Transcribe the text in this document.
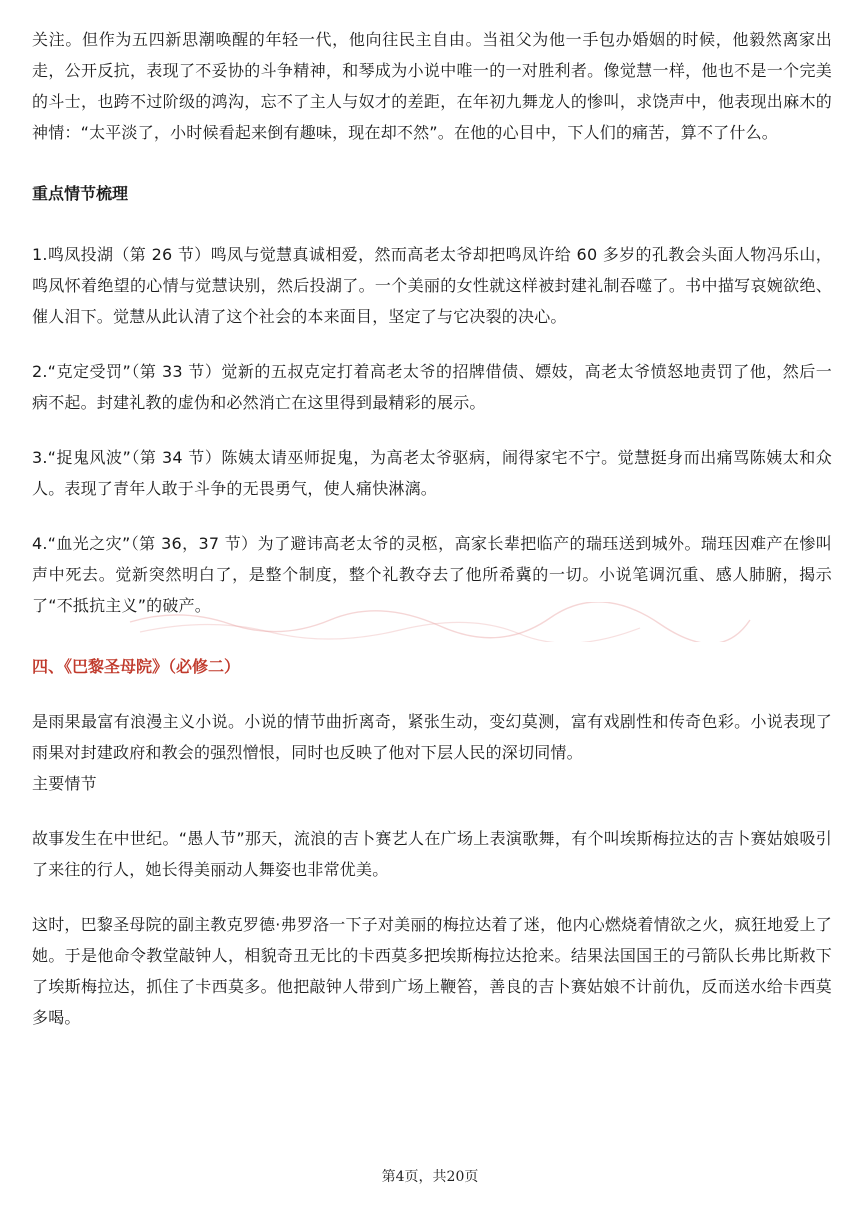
关注。但作为五四新思潮唤醒的年轻一代，他向往民主自由。当祖父为他一手包办婚姻的时候，他毅然离家出走，公开反抗，表现了不妥协的斗争精神，和琴成为小说中唯一的一对胜利者。像觉慧一样，他也不是一个完美的斗士，也跨不过阶级的鸿沟，忘不了主人与奴才的差距，在年初九舞龙人的惨叫，求饶声中，他表现出麻木的神情：“太平淡了，小时候看起来倒有趣味，现在却不然”。在他的心目中，下人们的痛苦，算不了什么。

重点情节梳理

1.鸣凤投湖（第 26 节）鸣凤与觉慧真诚相爱，然而高老太爷却把鸣凤许给 60 多岁的孔教会头面人物冯乐山，鸣凤怀着绝望的心情与觉慧诀别，然后投湖了。一个美丽的女性就这样被封建礼制吞噬了。书中描写哀婉欲绝、催人泪下。觉慧从此认清了这个社会的本来面目，坚定了与它决裂的决心。

2.“克定受罚”（第 33 节）觉新的五叔克定打着高老太爷的招牌借债、嫖妓，高老太爷愤怒地责罚了他，然后一病不起。封建礼教的虚伪和必然消亡在这里得到最精彩的展示。

3.“捉鬼风波”（第 34 节）陈姨太请巫师捉鬼，为高老太爷驱病，闹得家宅不宁。觉慧挺身而出痛骂陈姨太和众人。表现了青年人敢于斗争的无畏勇气，使人痛快淋漓。

4.“血光之灾”（第 36，37 节）为了避讳高老太爷的灵柩，高家长辈把临产的瑞珏送到城外。瑞珏因难产在惨叫声中死去。觉新突然明白了，是整个制度，整个礼教夺去了他所希冀的一切。小说笔调沉重、感人肺腑，揭示了“不抵抗主义”的破产。

四、《巴黎圣母院》（必修二）

是雨果最富有浪漫主义小说。小说的情节曲折离奇，紧张生动，变幻莫测，富有戏剧性和传奇色彩。小说表现了雨果对封建政府和教会的强烈憎恨，同时也反映了他对下层人民的深切同情。

主要情节

故事发生在中世纪。“愚人节”那天，流浪的吉卜赛艺人在广场上表演歌舞，有个叫埃斯梅拉达的吉卜赛姑娘吸引了来往的行人，她长得美丽动人舞姿也非常优美。

这时，巴黎圣母院的副主教克罗德·弗罗洛一下子对美丽的梅拉达着了迷，他内心燃烧着情欲之火，疯狂地爱上了她。于是他命令教堂敲钟人，相貌奇丑无比的卡西莫多把埃斯梅拉达抢来。结果法国国王的弓箭队长弗比斯救下了埃斯梅拉达，抓住了卡西莫多。他把敲钟人带到广场上鞭笞，善良的吉卜赛姑娘不计前仇，反而送水给卡西莫多喝。

第4页，共20页
